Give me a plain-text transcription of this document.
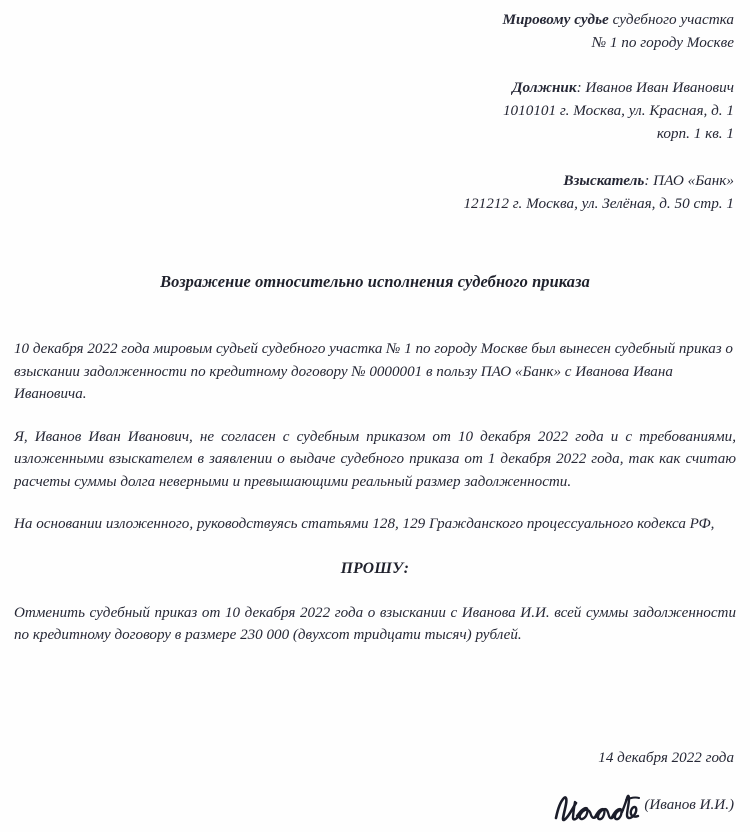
Мировому судье судебного участка
№ 1 по городу Москве
Должник: Иванов Иван Иванович
1010101 г. Москва, ул. Красная, д. 1
корп. 1 кв. 1
Взыскатель: ПАО «Банк»
121212 г. Москва, ул. Зелёная, д. 50 стр. 1
Возражение относительно исполнения судебного приказа

10 декабря 2022 года мировым судьей судебного участка № 1 по городу Москве был вынесен судебный приказ о взыскании задолженности по кредитному договору № 0000001 в пользу ПАО «Банк» с Иванова Ивана Ивановича.

Я, Иванов Иван Иванович, не согласен с судебным приказом от 10 декабря 2022 года и с требованиями, изложенными взыскателем в заявлении о выдаче судебного приказа от 1 декабря 2022 года, так как считаю расчеты суммы долга неверными и превышающими реальный размер задолженности.

На основании изложенного, руководствуясь статьями 128, 129 Гражданского процессуального кодекса РФ,

ПРОШУ:

Отменить судебный приказ от 10 декабря 2022 года о взыскании с Иванова И.И. всей суммы задолженности по кредитному договору в размере 230 000 (двухсот тридцати тысяч) рублей.

14 декабря 2022 года
(Иванов И.И.)
